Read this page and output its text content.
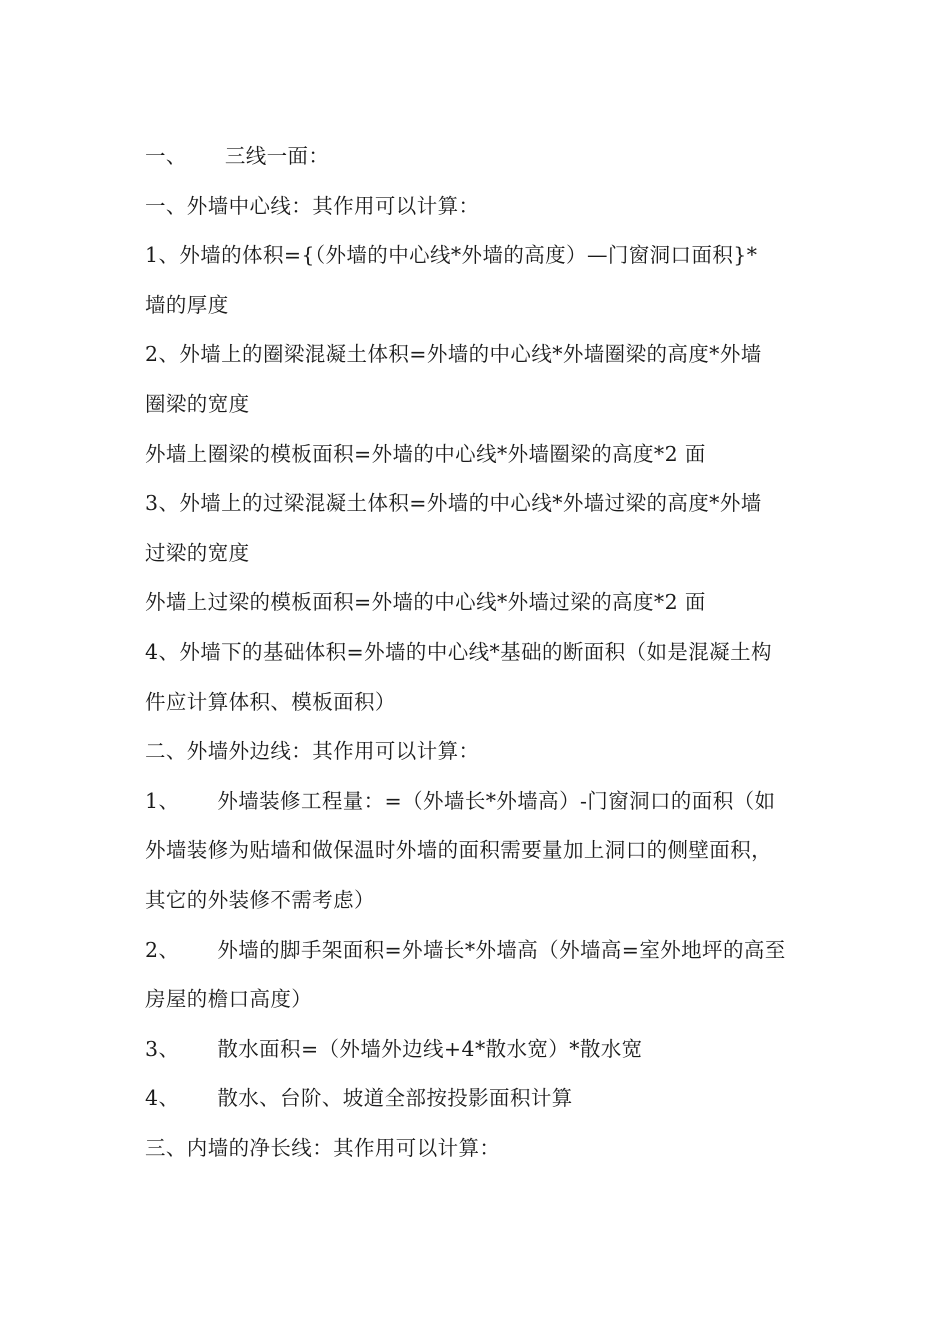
一、 三线一面：
一、外墙中心线：其作用可以计算：
1、外墙的体积={（外墙的中心线*外墙的高度）—门窗洞口面积}*
墙的厚度
2、外墙上的圈梁混凝土体积=外墙的中心线*外墙圈梁的高度*外墙
圈梁的宽度
外墙上圈梁的模板面积=外墙的中心线*外墙圈梁的高度*2 面
3、外墙上的过梁混凝土体积=外墙的中心线*外墙过梁的高度*外墙
过梁的宽度
外墙上过梁的模板面积=外墙的中心线*外墙过梁的高度*2 面
4、外墙下的基础体积=外墙的中心线*基础的断面积（如是混凝土构
件应计算体积、模板面积）
二、外墙外边线：其作用可以计算：
1、 外墙装修工程量：=（外墙长*外墙高）-门窗洞口的面积（如
外墙装修为贴墙和做保温时外墙的面积需要量加上洞口的侧壁面积，
其它的外装修不需考虑）
2、 外墙的脚手架面积=外墙长*外墙高（外墙高=室外地坪的高至
房屋的檐口高度）
3、 散水面积=（外墙外边线+4*散水宽）*散水宽
4、 散水、台阶、坡道全部按投影面积计算
三、内墙的净长线：其作用可以计算：
